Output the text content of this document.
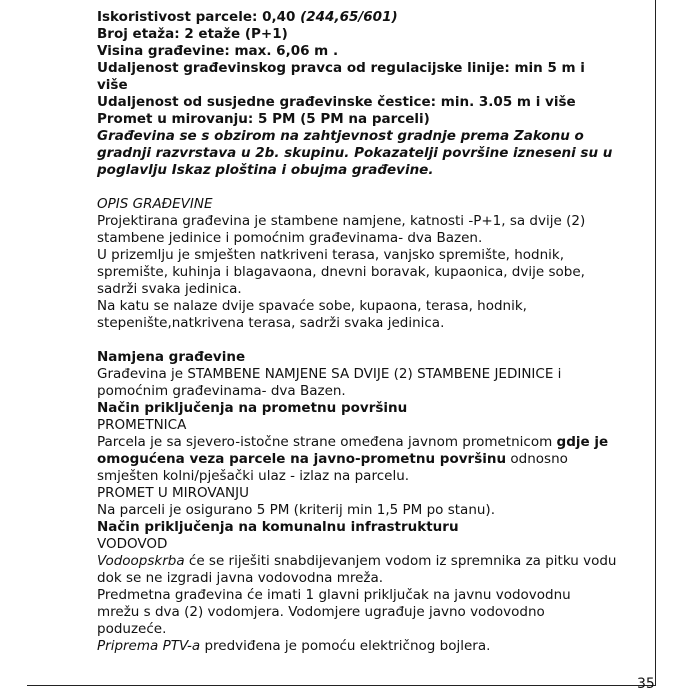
35

Iskoristivost parcele: 0,40 (244,65/601)

Broj etaža: 2 etaže (P+1)

Visina građevine: max. 6,06 m .

Udaljenost građevinskog pravca od regulacijske linije: min 5 m i više

Udaljenost od susjedne građevinske čestice: min. 3.05 m i više

Promet u mirovanju: 5 PM (5 PM na parceli)

Građevina se s obzirom na zahtjevnost gradnje prema Zakonu o gradnji razvrstava u 2b. skupinu. Pokazatelji površine izneseni su u poglavlju Iskaz ploština i obujma građevine.

OPIS GRAĐEVINE

Projektirana građevina je stambene namjene, katnosti -P+1, sa dvije (2) stambene jedinice i pomoćnim građevinama- dva Bazen.

U prizemlju je smješten natkriveni terasa, vanjsko spremište, hodnik, spremište, kuhinja i blagavaona, dnevni boravak, kupaonica, dvije sobe, sadrži svaka jedinica.

Na katu se nalaze dvije spavaće sobe, kupaona, terasa, hodnik, stepenište,natkrivena terasa, sadrži svaka jedinica.

Namjena građevine

Građevina je STAMBENE NAMJENE SA DVIJE (2) STAMBENE JEDINICE i pomoćnim građevinama- dva Bazen.

Način priključenja na prometnu površinu

PROMETNICA

Parcela je sa sjevero-istočne strane omeđena javnom prometnicom gdje je omogućena veza parcele na javno-prometnu površinu odnosno smješten kolni/pješački ulaz - izlaz na parcelu.

PROMET U MIROVANJU

Na parceli je osigurano 5 PM (kriterij min 1,5 PM po stanu).

Način priključenja na komunalnu infrastrukturu

VODOVOD

Vodoopskrba će se riješiti snabdijevanjem vodom iz spremnika za pitku vodu dok se ne izgradi javna vodovodna mreža.

Predmetna građevina će imati 1 glavni priključak na javnu vodovodnu mrežu s dva (2) vodomjera. Vodomjere ugrađuje javno vodovodno poduzeće.

Priprema PTV-a predviđena je pomoću električnog bojlera.
